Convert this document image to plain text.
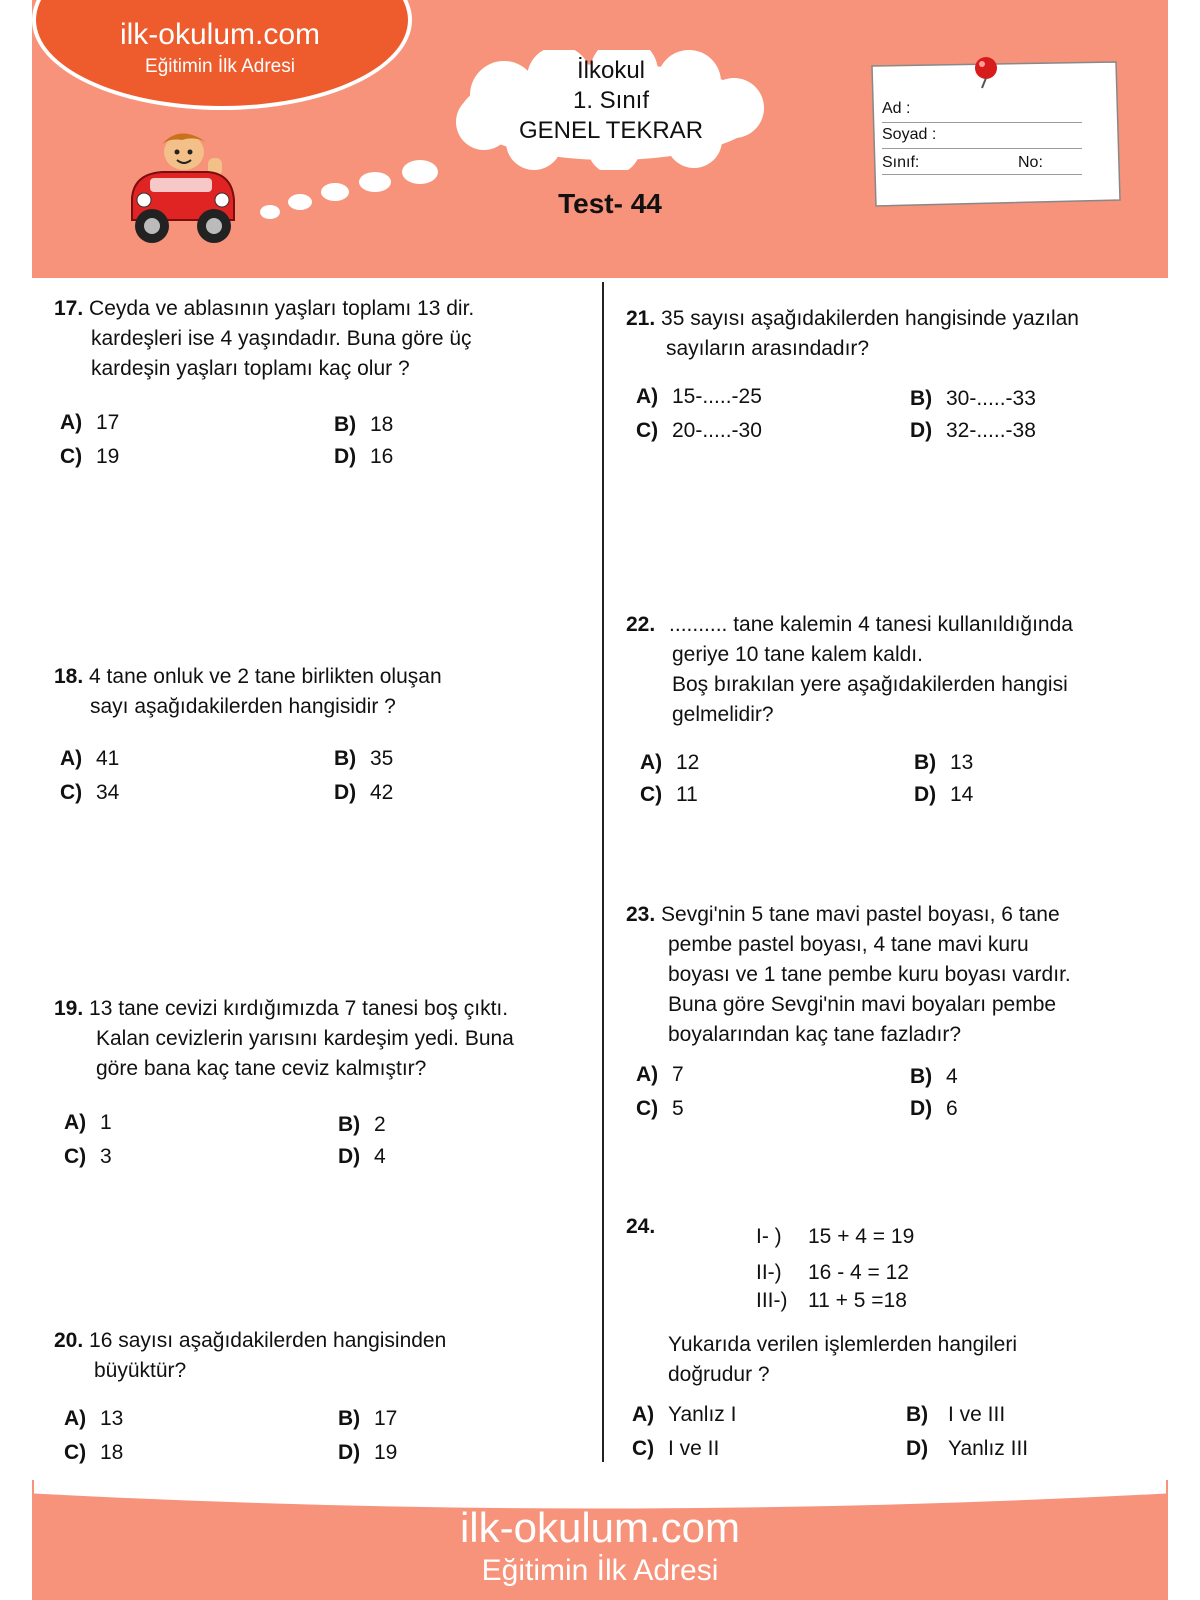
ilk-okulum.com
Eğitimin İlk Adresi	İlkokul
1. Sınıf
GENEL TEKRAR
Test- 44
Ad :
Soyad :
Sınıf:	No:
17. Ceyda ve ablasının yaşları toplamı 13 dir.
kardeşleri ise 4 yaşındadır. Buna göre üç
kardeşin yaşları toplamı kaç olur ?
A) 17	B) 18
C) 19	D) 16
18. 4 tane onluk ve 2 tane birlikten oluşan
sayı aşağıdakilerden hangisidir ?
A) 41	B) 35
C) 34	D) 42
19. 13 tane cevizi kırdığımızda 7 tanesi boş çıktı.
Kalan cevizlerin yarısını kardeşim yedi. Buna
göre bana kaç tane ceviz kalmıştır?
A) 1	B) 2
C) 3	D) 4
20. 16 sayısı aşağıdakilerden hangisinden
büyüktür?
A) 13	B) 17
C) 18	D) 19
21. 35 sayısı aşağıdakilerden hangisinde yazılan
sayıların arasındadır?
A) 15-.....-25	B) 30-.....-33
C) 20-.....-30	D) 32-.....-38
22. .......... tane kalemin 4 tanesi kullanıldığında
geriye 10 tane kalem kaldı.
Boş bırakılan yere aşağıdakilerden hangisi
gelmelidir?
A) 12	B) 13
C) 11	D) 14
23. Sevgi'nin 5 tane mavi pastel boyası, 6 tane
pembe pastel boyası, 4 tane mavi kuru
boyası ve 1 tane pembe kuru boyası vardır.
Buna göre Sevgi'nin mavi boyaları pembe
boyalarından kaç tane fazladır?
A) 7	B) 4
C) 5	D) 6
24.	I- ) 15 + 4 = 19
II-) 16 - 4 = 12
III-) 11 + 5 =18
Yukarıda verilen işlemlerden hangileri
doğrudur ?
A) Yanlız I	B) I ve III
C) I ve II	D) Yanlız III
ilk-okulum.com
Eğitimin İlk Adresi
